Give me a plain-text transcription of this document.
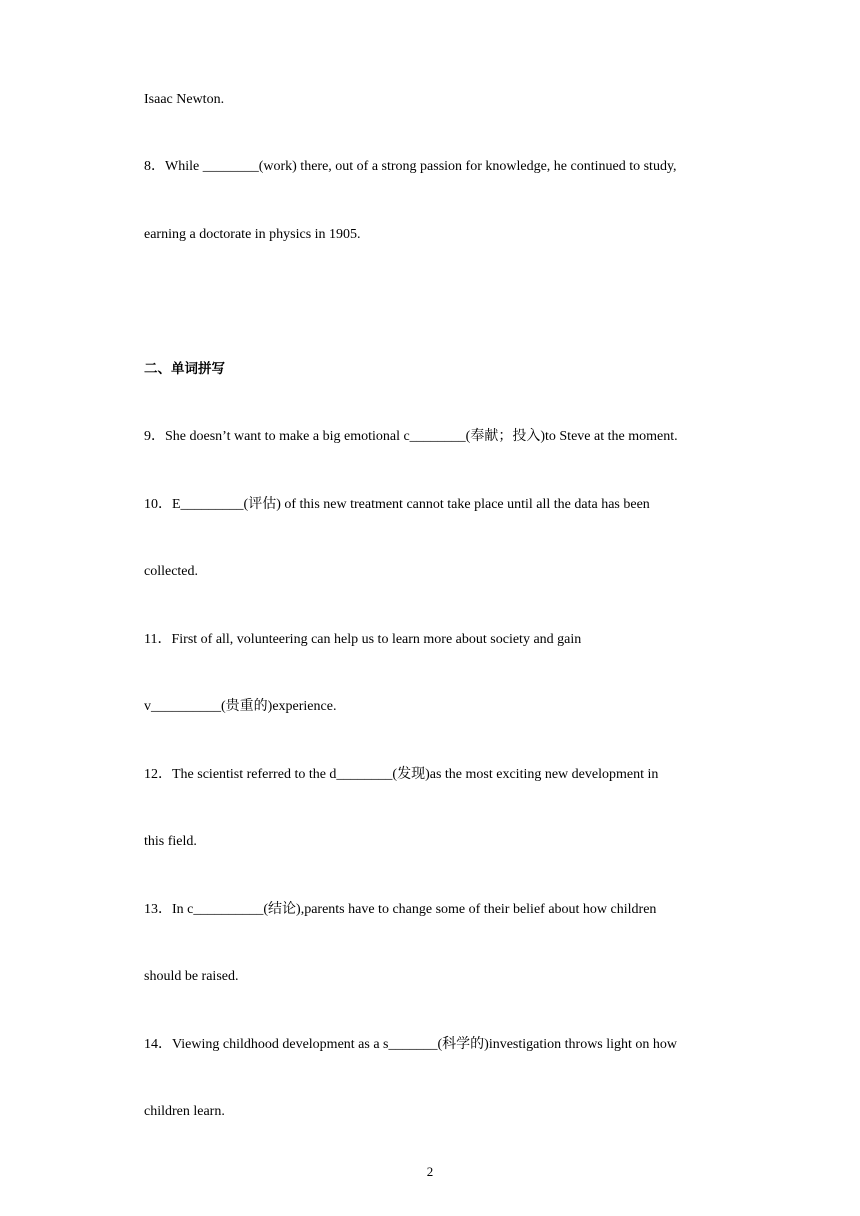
Isaac Newton.
8．While ________(work) there, out of a strong passion for knowledge, he continued to study,
earning a doctorate in physics in 1905.
二、单词拼写
9．She doesn’t want to make a big emotional c________(奉献；投入)to Steve at the moment.
10．E_________(评估) of this new treatment cannot take place until all the data has been
collected.
11．First of all, volunteering can help us to learn more about society and gain
v__________(贵重的)experience.
12．The scientist referred to the d________(发现)as the most exciting new development in
this field.
13．In c__________(结论),parents have to change some of their belief about how children
should be raised.
14．Viewing childhood development as a s_______(科学的)investigation throws light on how
children learn.
2
